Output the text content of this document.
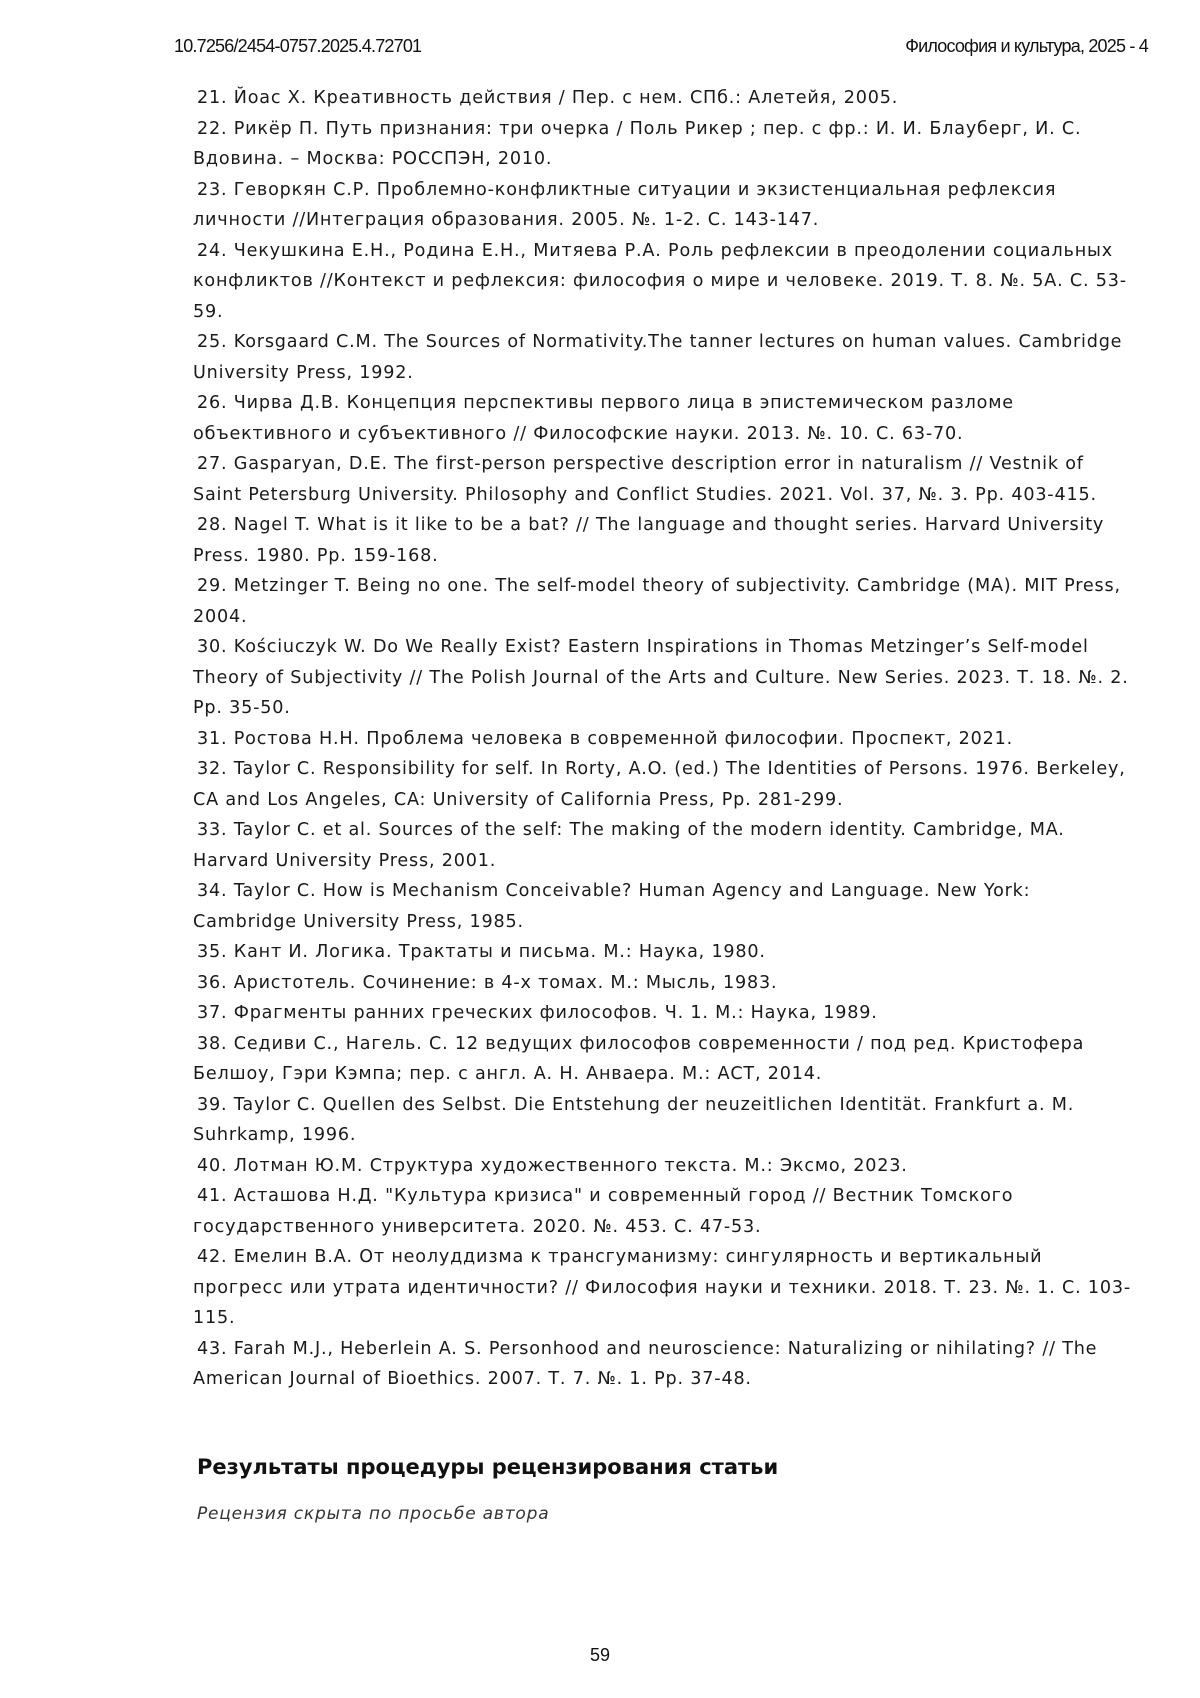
10.7256/2454-0757.2025.4.72701	Философия и культура, 2025 - 4
21. Йоас Х. Креативность действия / Пер. с нем. СПб.: Алетейя, 2005.
22. Рикёр П. Путь признания: три очерка / Поль Рикер ; пер. с фр.: И. И. Блауберг, И. С. Вдовина. – Москва: РОССПЭН, 2010.
23. Геворкян С.Р. Проблемно-конфликтные ситуации и экзистенциальная рефлексия личности //Интеграция образования. 2005. №. 1-2. С. 143-147.
24. Чекушкина Е.Н., Родина Е.Н., Митяева Р.А. Роль рефлексии в преодолении социальных конфликтов //Контекст и рефлексия: философия о мире и человеке. 2019. Т. 8. №. 5А. С. 53-59.
25. Korsgaard C.M. The Sources of Normativity.The tanner lectures on human values. Cambridge University Press, 1992.
26. Чирва Д.В. Концепция перспективы первого лица в эпистемическом разломе объективного и субъективного // Философские науки. 2013. №. 10. С. 63-70.
27. Gasparyan, D.E. The first-person perspective description error in naturalism // Vestnik of Saint Petersburg University. Philosophy and Conflict Studies. 2021. Vol. 37, №. 3. Pp. 403-415.
28. Nagel T. What is it like to be a bat? // The language and thought series. Harvard University Press. 1980. Pp. 159-168.
29. Metzinger T. Being no one. The self-model theory of subjectivity. Cambridge (MA). MIT Press, 2004.
30. Kościuczyk W. Do We Really Exist? Eastern Inspirations in Thomas Metzinger’s Self-model Theory of Subjectivity // The Polish Journal of the Arts and Culture. New Series. 2023. Т. 18. №. 2. Pp. 35-50.
31. Ростова Н.Н. Проблема человека в современной философии. Проспект, 2021.
32. Taylor C. Responsibility for self. In Rorty, A.O. (ed.) The Identities of Persons. 1976. Berkeley, CA and Los Angeles, CA: University of California Press, Pp. 281-299.
33. Taylor C. et al. Sources of the self: The making of the modern identity. Cambridge, MA. Harvard University Press, 2001.
34. Taylor C. How is Mechanism Conceivable? Human Agency and Language. New York: Cambridge University Press, 1985.
35. Кант И. Логика. Трактаты и письма. М.: Наука, 1980.
36. Аристотель. Сочинение: в 4-х томах. М.: Мысль, 1983.
37. Фрагменты ранних греческих философов. Ч. 1. М.: Наука, 1989.
38. Седиви С., Нагель. С. 12 ведущих философов современности / под ред. Кристофера Белшоу, Гэри Кэмпа; пер. с англ. А. Н. Анваера. М.: АСТ, 2014.
39. Taylor C. Quellen des Selbst. Die Entstehung der neuzeitlichen Identität. Frankfurt a. M. Suhrkamp, 1996.
40. Лотман Ю.М. Структура художественного текста. М.: Эксмо, 2023.
41. Асташова Н.Д. "Культура кризиса" и современный город // Вестник Томского государственного университета. 2020. №. 453. С. 47-53.
42. Емелин В.А. От неолуддизма к трансгуманизму: сингулярность и вертикальный прогресс или утрата идентичности? // Философия науки и техники. 2018. Т. 23. №. 1. С. 103-115.
43. Farah M.J., Heberlein A. S. Personhood and neuroscience: Naturalizing or nihilating? // The American Journal of Bioethics. 2007. Т. 7. №. 1. Pp. 37-48.
Результаты процедуры рецензирования статьи

Рецензия скрыта по просьбе автора

59
